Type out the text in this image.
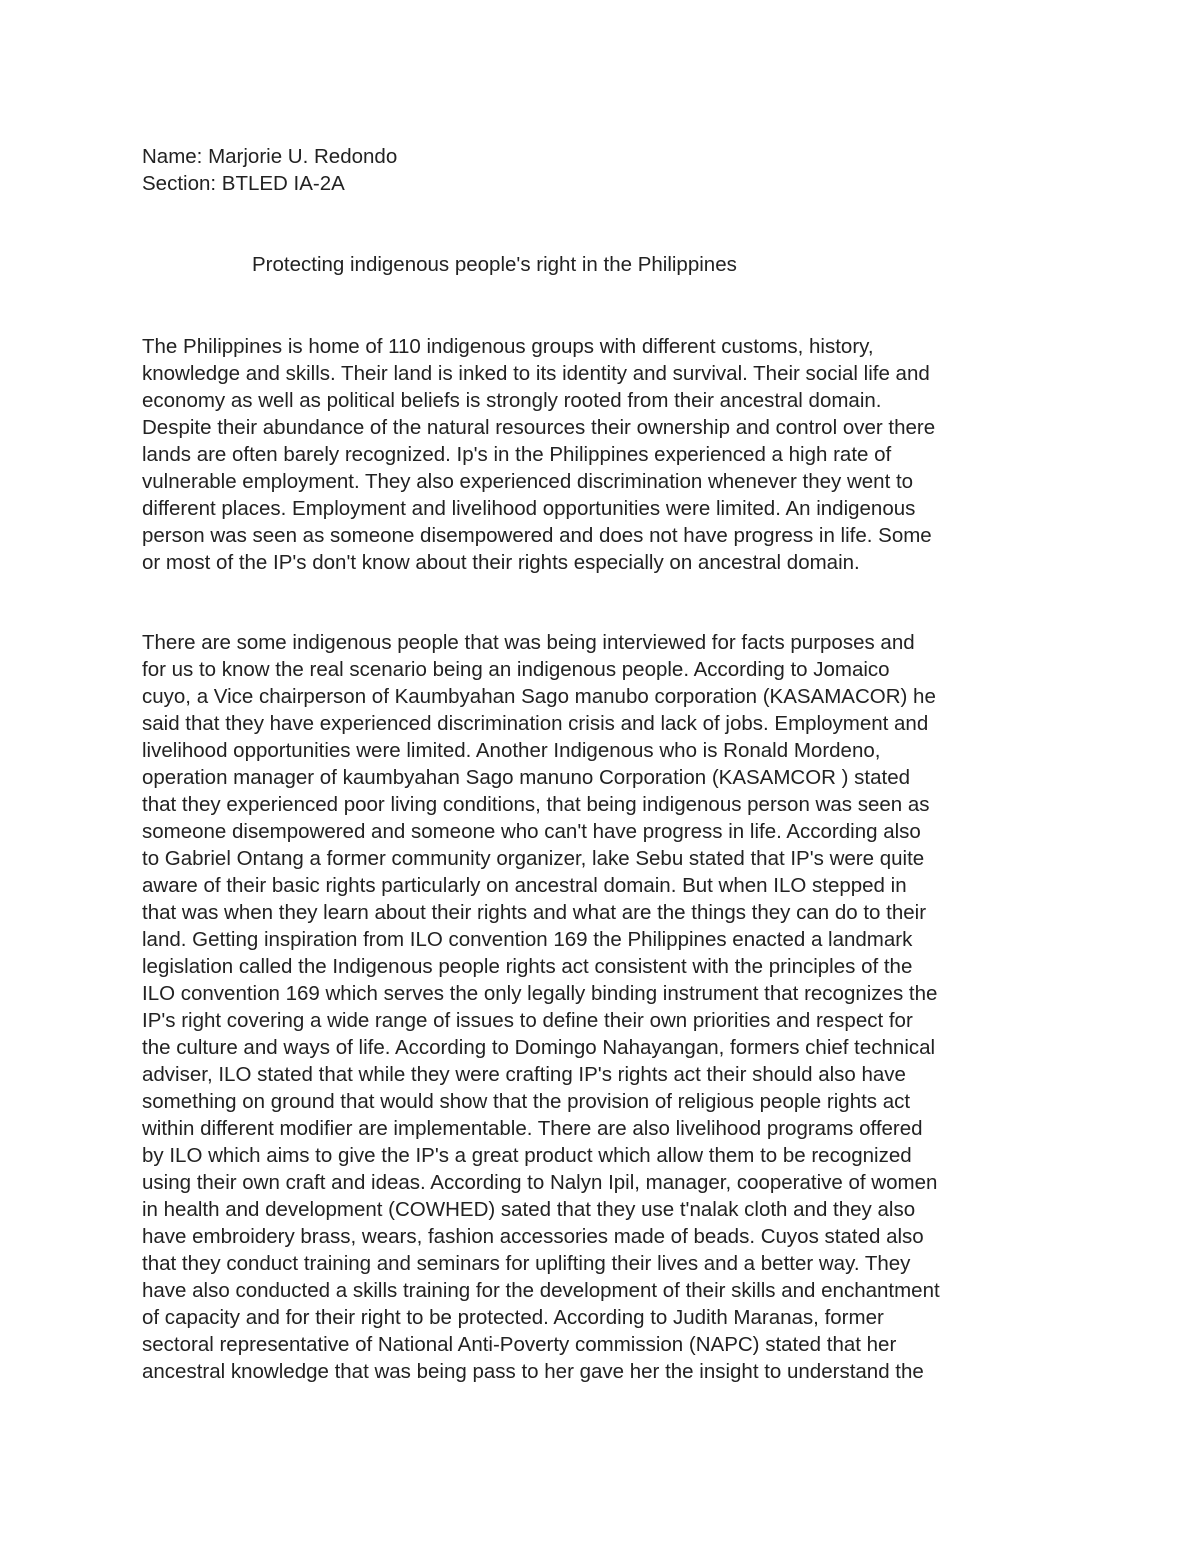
Name: Marjorie U. Redondo
Section: BTLED IA-2A
Protecting indigenous people's right in the Philippines
The Philippines is home of 110 indigenous groups with different customs, history,
knowledge and skills. Their land is inked to its identity and survival. Their social life and
economy as well as political beliefs is strongly rooted from their ancestral domain.
Despite their abundance of the natural resources their ownership and control over there
lands are often barely recognized. Ip's in the Philippines experienced a high rate of
vulnerable employment. They also experienced discrimination whenever they went to
different places. Employment and livelihood opportunities were limited. An indigenous
person was seen as someone disempowered and does not have progress in life. Some
or most of the IP's don't know about their rights especially on ancestral domain.
There are some indigenous people that was being interviewed for facts purposes and
for us to know the real scenario being an indigenous people. According to Jomaico
cuyo, a Vice chairperson of Kaumbyahan Sago manubo corporation (KASAMACOR) he
said that they have experienced discrimination crisis and lack of jobs. Employment and
livelihood opportunities were limited. Another Indigenous who is Ronald Mordeno,
operation manager of kaumbyahan Sago manuno Corporation (KASAMCOR ) stated
that they experienced poor living conditions, that being indigenous person was seen as
someone disempowered and someone who can't have progress in life. According also
to Gabriel Ontang a former community organizer, lake Sebu stated that IP's were quite
aware of their basic rights particularly on ancestral domain. But when ILO stepped in
that was when they learn about their rights and what are the things they can do to their
land. Getting inspiration from ILO convention 169 the Philippines enacted a landmark
legislation called the Indigenous people rights act consistent with the principles of the
ILO convention 169 which serves the only legally binding instrument that recognizes the
IP's right covering a wide range of issues to define their own priorities and respect for
the culture and ways of life. According to Domingo Nahayangan, formers chief technical
adviser, ILO stated that while they were crafting IP's rights act their should also have
something on ground that would show that the provision of religious people rights act
within different modifier are implementable. There are also livelihood programs offered
by ILO which aims to give the IP's a great product which allow them to be recognized
using their own craft and ideas. According to Nalyn Ipil, manager, cooperative of women
in health and development (COWHED) sated that they use t'nalak cloth and they also
have embroidery brass, wears, fashion accessories made of beads. Cuyos stated also
that they conduct training and seminars for uplifting their lives and a better way. They
have also conducted a skills training for the development of their skills and enchantment
of capacity and for their right to be protected. According to Judith Maranas, former
sectoral representative of National Anti-Poverty commission (NAPC) stated that her
ancestral knowledge that was being pass to her gave her the insight to understand the
